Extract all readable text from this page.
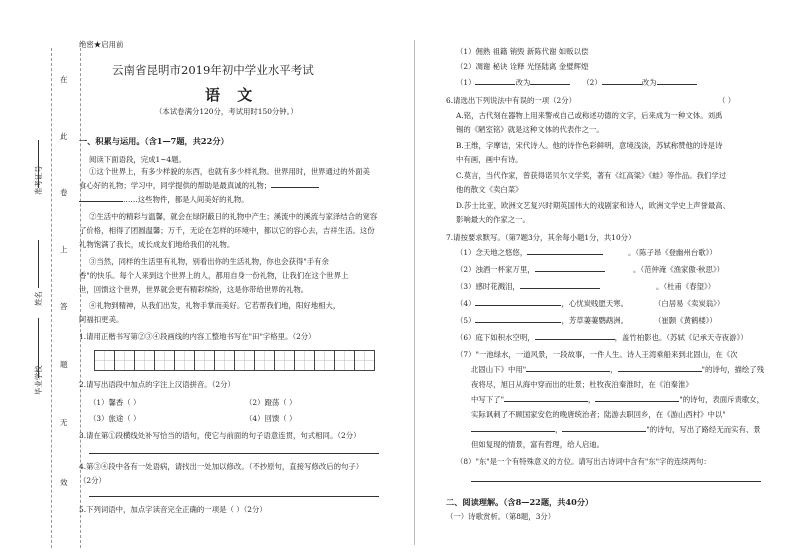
在
此
卷
上
答
题
无
效
准考证号
姓名
毕业学校
绝密★启用前
云南省昆明市2019年初中学业水平考试
语 文
（本试卷满分120分，考试用时150分钟。）
一、积累与运用。（含1—7题，共22分）
阅读下面语段，完成1~4题。
①这个世界上，有多少样貌的东西，也就有多少样礼物。世界用时，世界通过的外面美
食心好的礼物；学习中，同学提供的帮助是最真诚的礼物；
……这些物件，都是人间美好的礼物。
②生活中的精彩与温馨，就会在绿阴蔽日的礼物中产生；溪流中的溪流与家泽结合的宽容
了价格，相得了团圆温馨；万千，无论在怎样的环境中，都以它的容心去，吉祥生活。这份
礼物饱满了我长，成长成友们地给我们的礼物。
③当然，同样的生活里有礼物，别看出你的生活礼物，你也会获得"手有余
香"的快乐。每个人来到这个世界上的人，都用自身一份礼物，让我们在这个世界上
世，回馈这个世界，世界就会更有精彩缤纷，这是你带给世界的礼物。
④礼物到精神，从我们出发，礼物手掌而美好。它若帮我们地，阳好地相大，
阿福扣更美。
1.请用正楷书写第②③④段画线的内容工整地书写在"田"字格里。（2分）
2.请写出语段中加点的字注上汉语拼音。（2分）
（1）馨香（ ）	（2）蹬荡（ ）
（3）旅途（ ）	（4）回馈（ ）
3.请在第①段横线处补写恰当的语句，使它与前面的句子语意连贯，句式相同。（2分）
4.第③④段中各有一处语病，请找出一处加以修改。（不抄原句，直接写修改后的句子）
（2分）
5.下列词语中，加点字读音完全正确的一项是（ ）（2分）
（1）佣熟 祖籍 销毁 新陈代谢 如贩以偿
（2）凋谢 秘诀 诠释 光怪陆离 金璧辉煌
（1）	改为	（2）	改为
6.请选出下列说法中有误的一项（2分）	（ ）
A.铭，古代刻在器物上用来警戒自己或称述功德的文字，后来成为一种文体。刘禹
锡的《陋室铭》就是这种文体的代表作之一。
B.王维，字摩诘，宋代诗人。他的诗作色彩鲜明，意境浅淡，苏轼称赞他的诗是诗
中有画，画中有诗。
C.莫言，当代作家，曾获得诺贝尔文学奖，著有《红高粱》《蛙》等作品。我们学过
他的散文《卖白菜》
D.莎士比亚，欧洲文艺复兴时期英国伟大的戏剧家和诗人，欧洲文学史上声誉最高、
影响最大的作家之一。
7.请按要求默写。（第7题3分，其余每小题1分，共10分）
（1）念天地之悠悠，	。（陈子昂《登幽州台歌》）
（2）浊酒一杯家万里，	。（范仲淹《渔家傲·秋思》）
（3）感时花溅泪，	。（杜甫《春望》）
（4）	，心忧炭贱愿天寒。	（白居易《卖炭翁》）
（5）	，芳草萋萋鹦鹉洲。	（崔颢《黄鹤楼》）
（6）庭下如积水空明，	，盖竹柏影也。（苏轼《记承天寺夜游》）
（7）"一池绿水，一道风景，一段故事，一件人生。诗人王湾乘船来到北固山，在《次
北固山下》中用"	，	"的诗句，描绘了残
夜将尽，旭日从海中穿而出的壮景；杜牧夜泊秦淮时，在《泊秦淮》
中写下了"	，	"的诗句，表面斥责歌女，
实际讽刺了不顾国家安危的晚唐统治者；陆游去职回乡，在《游山西村》中以"
，	"的诗句，写出了路经无而实有、景
但如复现的情景，富有哲理，给人启迪。
（8）"东"是一个有特殊意义的方位。请写出古诗词中含有"东"字的连续两句：
二、阅读理解。（含8—22题，共40分）
（一）诗歌赏析。（第8题，3分）
